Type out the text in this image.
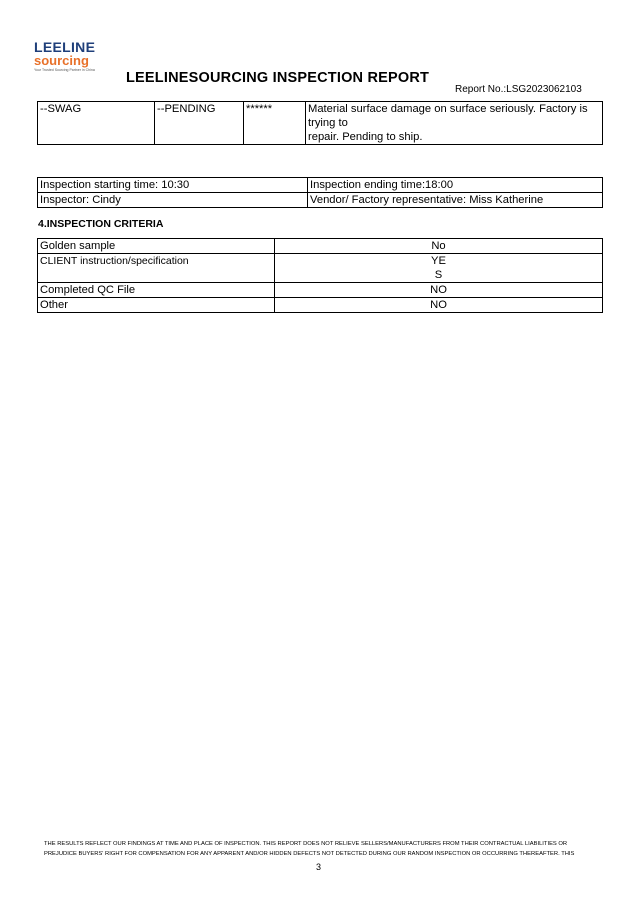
LEELINE
sourcing
Your Trusted Sourcing Partner in China	LEELINESOURCING INSPECTION REPORT
Report No.:LSG2023062103
--SWAG	--PENDING	******	Material surface damage on surface seriously. Factory is
trying to
repair. Pending to ship.
Inspection starting time: 10:30	Inspection ending time:18:00
Inspector: Cindy	Vendor/ Factory representative: Miss Katherine
4.INSPECTION CRITERIA
Golden sample	No
CLIENT instruction/specification	YE
S

Completed QC File	NO
Other	NO
THE RESULTS REFLECT OUR FINDINGS AT TIME AND PLACE OF INSPECTION. THIS REPORT DOES NOT RELIEVE SELLERS/MANUFACTURERS FROM THEIR CONTRACTUAL LIABILITIES OR
PREJUDICE BUYERS' RIGHT FOR COMPENSATION FOR ANY APPARENT AND/OR HIDDEN DEFECTS NOT DETECTED DURING OUR RANDOM INSPECTION OR OCCURRING THEREAFTER. THIS
3
